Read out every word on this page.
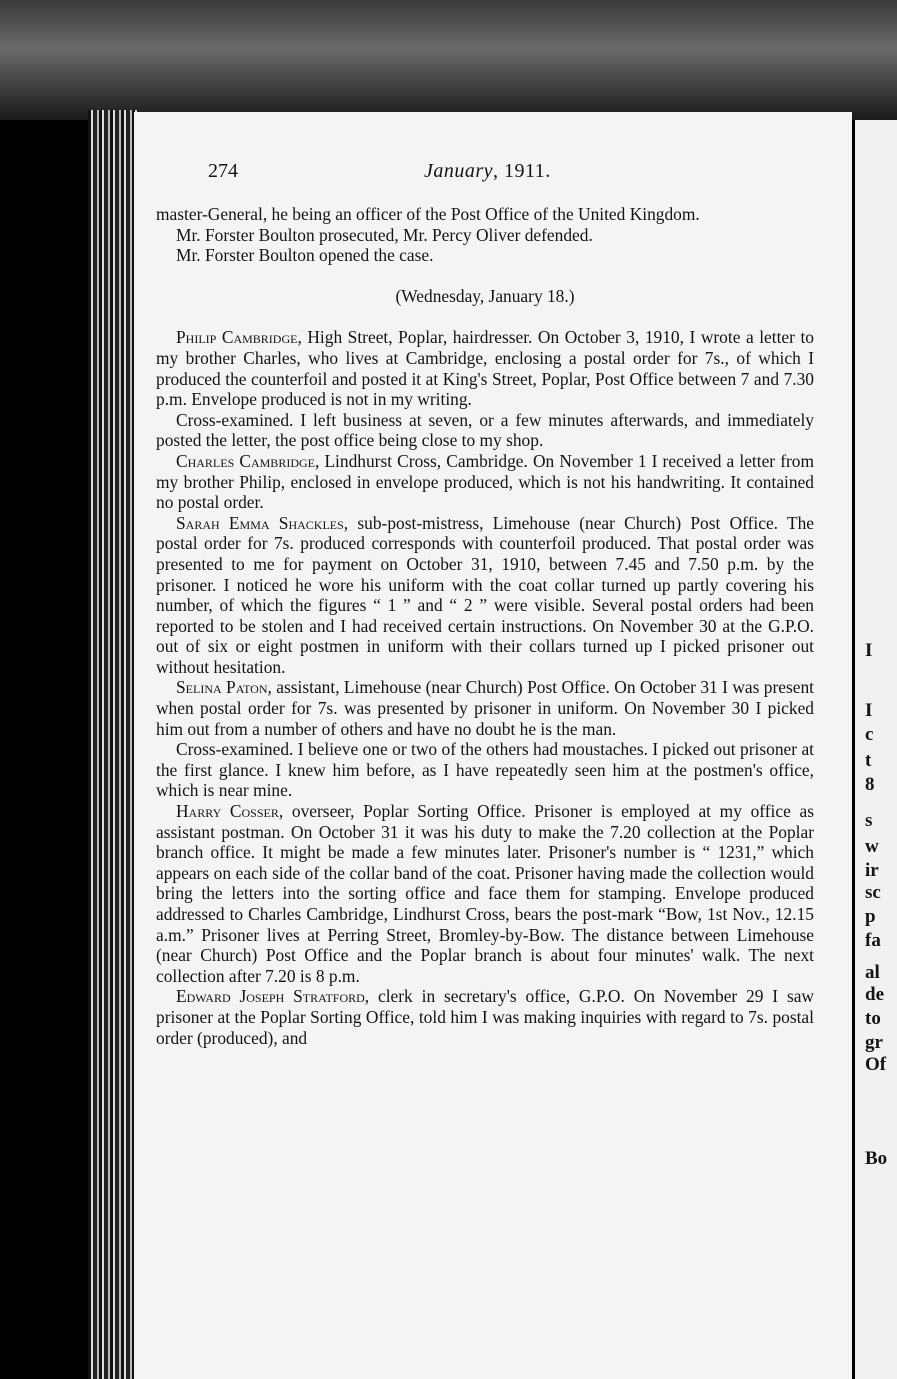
274	January, 1911.

master-General, he being an officer of the Post Office of the United Kingdom.

Mr. Forster Boulton prosecuted, Mr. Percy Oliver defended.

Mr. Forster Boulton opened the case.

(Wednesday, January 18.)

Philip Cambridge, High Street, Poplar, hairdresser. On October 3, 1910, I wrote a letter to my brother Charles, who lives at Cambridge, enclosing a postal order for 7s., of which I produced the counterfoil and posted it at King's Street, Poplar, Post Office between 7 and 7.30 p.m. Envelope produced is not in my writing.

Cross-examined. I left business at seven, or a few minutes afterwards, and immediately posted the letter, the post office being close to my shop.

Charles Cambridge, Lindhurst Cross, Cambridge. On November 1 I received a letter from my brother Philip, enclosed in envelope produced, which is not his handwriting. It contained no postal order.

Sarah Emma Shackles, sub-post-mistress, Limehouse (near Church) Post Office. The postal order for 7s. produced corresponds with counterfoil produced. That postal order was presented to me for payment on October 31, 1910, between 7.45 and 7.50 p.m. by the prisoner. I noticed he wore his uniform with the coat collar turned up partly covering his number, of which the figures “ 1 ” and “ 2 ” were visible. Several postal orders had been reported to be stolen and I had received certain instructions. On November 30 at the G.P.O. out of six or eight postmen in uniform with their collars turned up I picked prisoner out without hesitation.

Selina Paton, assistant, Limehouse (near Church) Post Office. On October 31 I was present when postal order for 7s. was presented by prisoner in uniform. On November 30 I picked him out from a number of others and have no doubt he is the man.

Cross-examined. I believe one or two of the others had moustaches. I picked out prisoner at the first glance. I knew him before, as I have repeatedly seen him at the postmen's office, which is near mine.

Harry Cosser, overseer, Poplar Sorting Office. Prisoner is employed at my office as assistant postman. On October 31 it was his duty to make the 7.20 collection at the Poplar branch office. It might be made a few minutes later. Prisoner's number is “ 1231,” which appears on each side of the collar band of the coat. Prisoner having made the collection would bring the letters into the sorting office and face them for stamping. Envelope produced addressed to Charles Cambridge, Lindhurst Cross, bears the post-mark “Bow, 1st Nov., 12.15 a.m.” Prisoner lives at Perring Street, Bromley-by-Bow. The distance between Limehouse (near Church) Post Office and the Poplar branch is about four minutes' walk. The next collection after 7.20 is 8 p.m.

Edward Joseph Stratford, clerk in secretary's office, G.P.O. On November 29 I saw prisoner at the Poplar Sorting Office, told him I was making inquiries with regard to 7s. postal order (produced), and

I
I
c
t
8
s
w
ir
sc
p
fa
al
de
to
gr
Of
Bo
